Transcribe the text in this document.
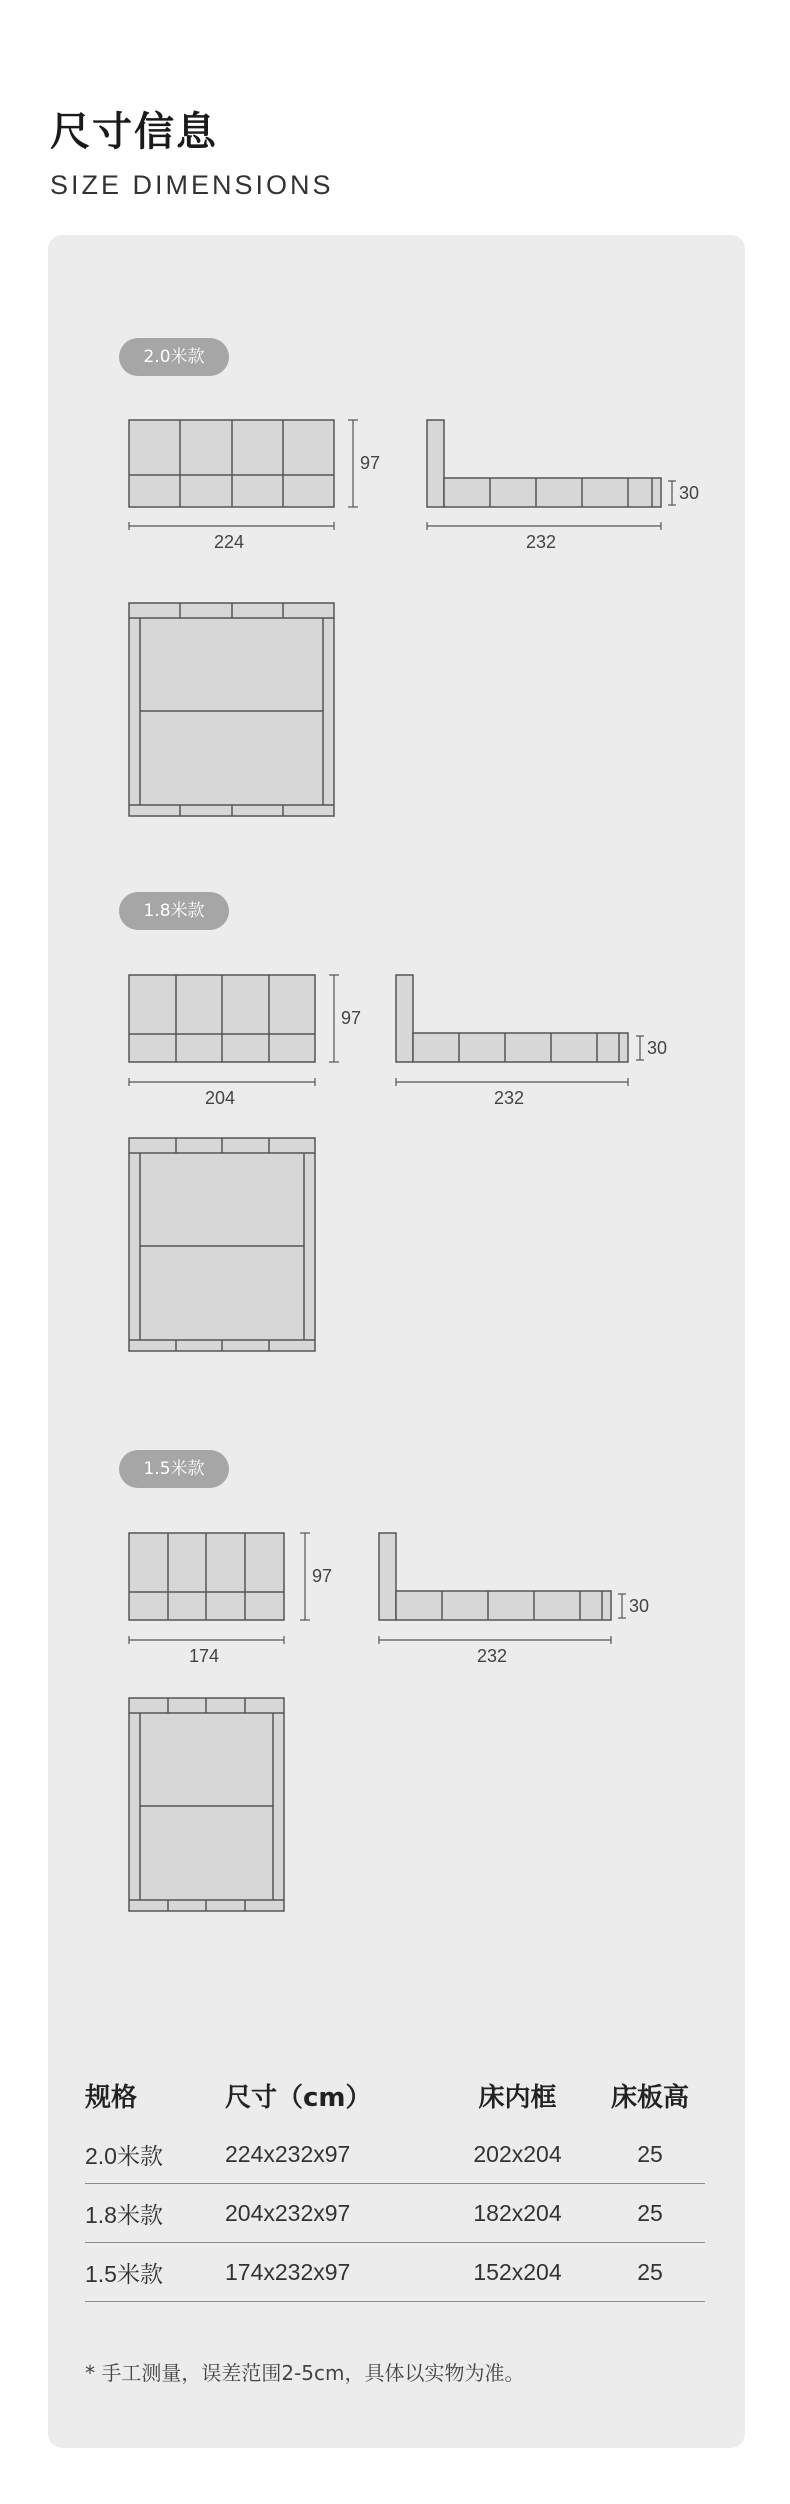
尺寸信息
SIZE DIMENSIONS
2.0米款
1.8米款
1.5米款
97
224
30
232
97
204
30
232
97
174
30
232
规格	尺寸（cm）	床内框	床板高
2.0米款	224x232x97	202x204	25
1.8米款	204x232x97	182x204	25
1.5米款	174x232x97	152x204	25
* 手工测量，误差范围2-5cm，具体以实物为准。
